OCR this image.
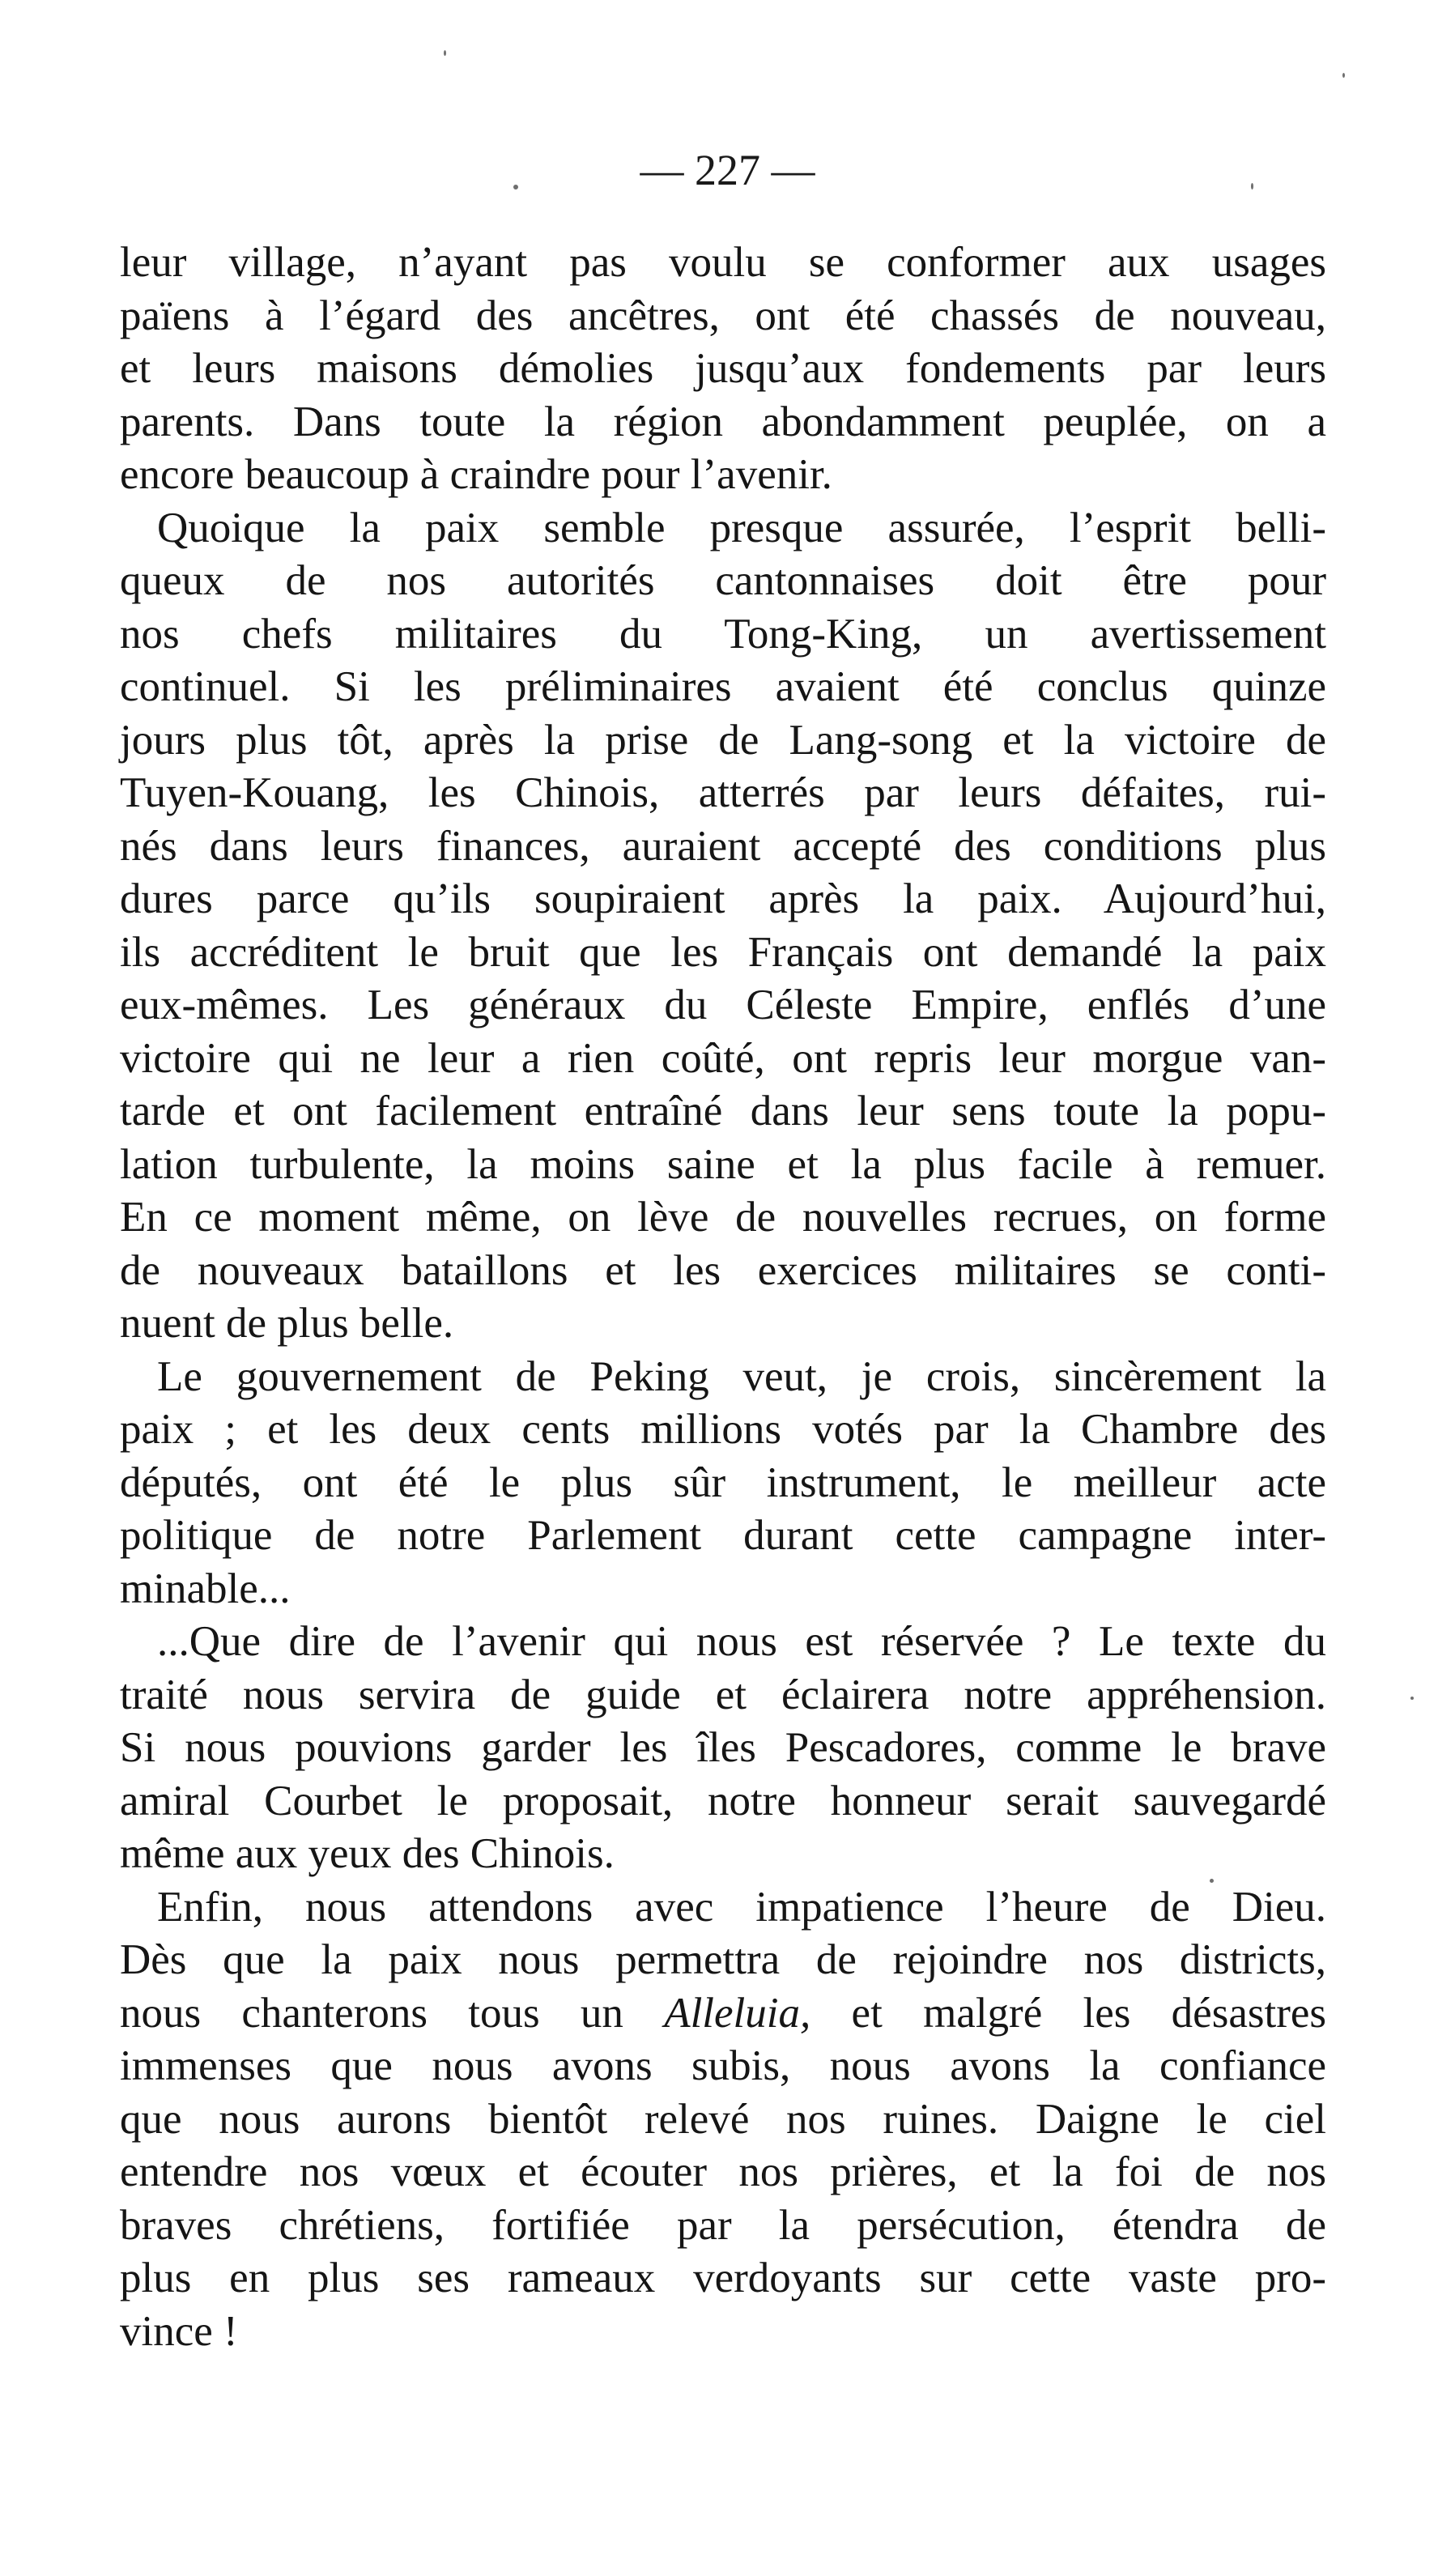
— 227 —
leur village, n’ayant pas voulu se conformer aux usages
païens à l’égard des ancêtres, ont été chassés de nouveau,
et leurs maisons démolies jusqu’aux fondements par leurs
parents. Dans toute la région abondamment peuplée, on a
encore beaucoup à craindre pour l’avenir.
Quoique la paix semble presque assurée, l’esprit belli-
queux de nos autorités cantonnaises doit être pour
nos chefs militaires du Tong-King, un avertissement
continuel. Si les préliminaires avaient été conclus quinze
jours plus tôt, après la prise de Lang-song et la victoire de
Tuyen-Kouang, les Chinois, atterrés par leurs défaites, rui-
nés dans leurs finances, auraient accepté des conditions plus
dures parce qu’ils soupiraient après la paix. Aujourd’hui,
ils accréditent le bruit que les Français ont demandé la paix
eux-mêmes. Les généraux du Céleste Empire, enflés d’une
victoire qui ne leur a rien coûté, ont repris leur morgue van-
tarde et ont facilement entraîné dans leur sens toute la popu-
lation turbulente, la moins saine et la plus facile à remuer.
En ce moment même, on lève de nouvelles recrues, on forme
de nouveaux bataillons et les exercices militaires se conti-
nuent de plus belle.
Le gouvernement de Peking veut, je crois, sincèrement la
paix ; et les deux cents millions votés par la Chambre des
députés, ont été le plus sûr instrument, le meilleur acte
politique de notre Parlement durant cette campagne inter-
minable...
...Que dire de l’avenir qui nous est réservée ? Le texte du
traité nous servira de guide et éclairera notre appréhension.
Si nous pouvions garder les îles Pescadores, comme le brave
amiral Courbet le proposait, notre honneur serait sauvegardé
même aux yeux des Chinois.
Enfin, nous attendons avec impatience l’heure de Dieu.
Dès que la paix nous permettra de rejoindre nos districts,
nous chanterons tous un Alleluia, et malgré les désastres
immenses que nous avons subis, nous avons la confiance
que nous aurons bientôt relevé nos ruines. Daigne le ciel
entendre nos vœux et écouter nos prières, et la foi de nos
braves chrétiens, fortifiée par la persécution, étendra de
plus en plus ses rameaux verdoyants sur cette vaste pro-
vince !
